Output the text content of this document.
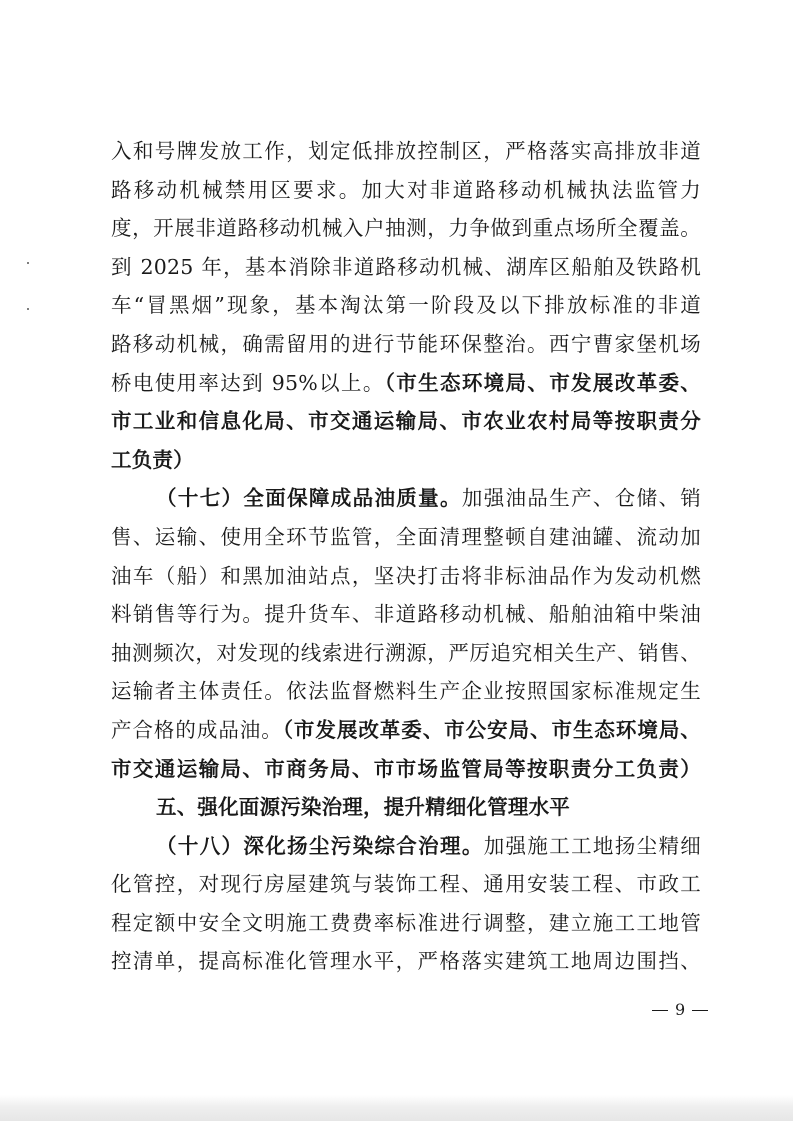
入和号牌发放工作，划定低排放控制区，严格落实高排放非道
路移动机械禁用区要求。加大对非道路移动机械执法监管力
度，开展非道路移动机械入户抽测，力争做到重点场所全覆盖。
到 2025 年，基本消除非道路移动机械、湖库区船舶及铁路机
车“冒黑烟”现象，基本淘汰第一阶段及以下排放标准的非道
路移动机械，确需留用的进行节能环保整治。西宁曹家堡机场
桥电使用率达到 95%以上。（市生态环境局、市发展改革委、
市工业和信息化局、市交通运输局、市农业农村局等按职责分
工负责）
（十七）全面保障成品油质量。加强油品生产、仓储、销
售、运输、使用全环节监管，全面清理整顿自建油罐、流动加
油车（船）和黑加油站点，坚决打击将非标油品作为发动机燃
料销售等行为。提升货车、非道路移动机械、船舶油箱中柴油
抽测频次，对发现的线索进行溯源，严厉追究相关生产、销售、
运输者主体责任。依法监督燃料生产企业按照国家标准规定生
产合格的成品油。（市发展改革委、市公安局、市生态环境局、
市交通运输局、市商务局、市市场监管局等按职责分工负责）
五、强化面源污染治理，提升精细化管理水平
（十八）深化扬尘污染综合治理。加强施工工地扬尘精细
化管控，对现行房屋建筑与装饰工程、通用安装工程、市政工
程定额中安全文明施工费费率标准进行调整，建立施工工地管
控清单，提高标准化管理水平，严格落实建筑工地周边围挡、
9
